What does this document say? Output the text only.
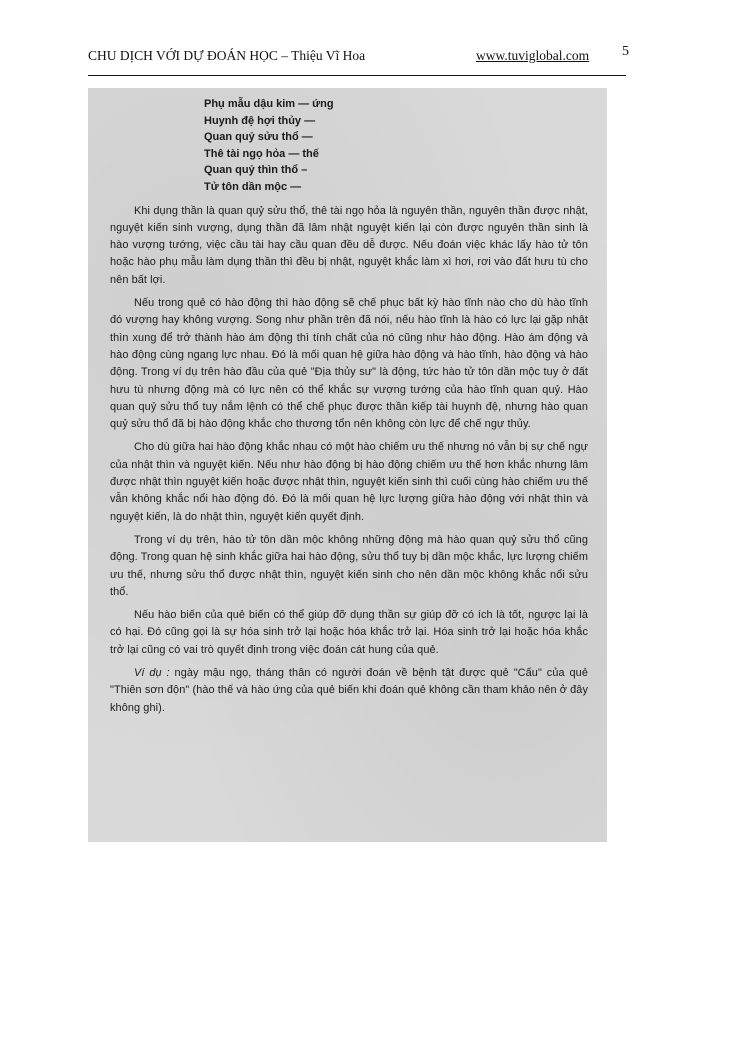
CHU DỊCH VỚI DỰ ĐOÁN HỌC – Thiệu Vĩ Hoa	www.tuviglobal.com 5
Phụ mẫu dậu kim — ứng
Huynh đệ hợi thủy —
Quan quỷ sửu thổ —
Thê tài ngọ hỏa — thế
Quan quỷ thìn thổ –
Tử tôn dần mộc —

Khi dụng thần là quan quỷ sửu thổ, thê tài ngọ hỏa là nguyên thần, nguyên thần được nhật, nguyệt kiến sinh vượng, dụng thần đã lâm nhật nguyệt kiến lại còn được nguyên thần sinh là hào vượng tướng, việc cầu tài hay cầu quan đều dễ được. Nếu đoán việc khác lấy hào tử tôn hoặc hào phụ mẫu làm dụng thần thì đều bị nhật, nguyệt khắc làm xì hơi, rơi vào đất hưu tù cho nên bất lợi.

Nếu trong quẻ có hào động thì hào động sẽ chế phục bất kỳ hào tĩnh nào cho dù hào tĩnh đó vượng hay không vượng. Song như phần trên đã nói, nếu hào tĩnh là hào có lực lại gặp nhật thìn xung để trở thành hào ám động thì tính chất của nó cũng như hào động. Hào ám động và hào động cùng ngang lực nhau. Đó là mối quan hệ giữa hào động và hào tĩnh, hào động và hào động. Trong ví dụ trên hào đầu của quẻ "Địa thủy sư" là động, tức hào tử tôn dần mộc tuy ở đất hưu tù nhưng động mà có lực nên có thể khắc sự vượng tướng của hào tĩnh quan quỷ. Hào quan quỷ sửu thổ tuy nắm lệnh có thể chế phục được thần kiếp tài huynh đệ, nhưng hào quan quỷ sửu thổ đã bị hào động khắc cho thương tổn nên không còn lực để chế ngự thủy.

Cho dù giữa hai hào động khắc nhau có một hào chiếm ưu thế nhưng nó vẫn bị sự chế ngự của nhật thìn và nguyệt kiến. Nếu như hào động bị hào động chiếm ưu thế hơn khắc nhưng lâm được nhật thìn nguyệt kiến hoặc được nhật thìn, nguyệt kiến sinh thì cuối cùng hào chiếm ưu thế vẫn không khắc nổi hào động đó. Đó là mối quan hệ lực lượng giữa hào động với nhật thìn và nguyệt kiến, là do nhật thìn, nguyệt kiến quyết định.

Trong ví dụ trên, hào tử tôn dần mộc không những động mà hào quan quỷ sửu thổ cũng động. Trong quan hệ sinh khắc giữa hai hào động, sửu thổ tuy bị dần mộc khắc, lực lượng chiếm ưu thế, nhưng sửu thổ được nhật thìn, nguyệt kiến sinh cho nên dần mộc không khắc nổi sửu thổ.

Nếu hào biến của quẻ biến có thể giúp đỡ dụng thần sự giúp đỡ có ích là tốt, ngược lại là có hại. Đó cũng gọi là sự hóa sinh trở lại hoặc hóa khắc trở lại. Hóa sinh trở lại hoặc hóa khắc trở lại cũng có vai trò quyết định trong việc đoán cát hung của quẻ.

Ví dụ : ngày mậu ngọ, tháng thân có người đoán về bệnh tật được quẻ "Cấu" của quẻ "Thiên sơn độn" (hào thế và hào ứng của quẻ biến khi đoán quẻ không cần tham khảo nên ở đây không ghi).
